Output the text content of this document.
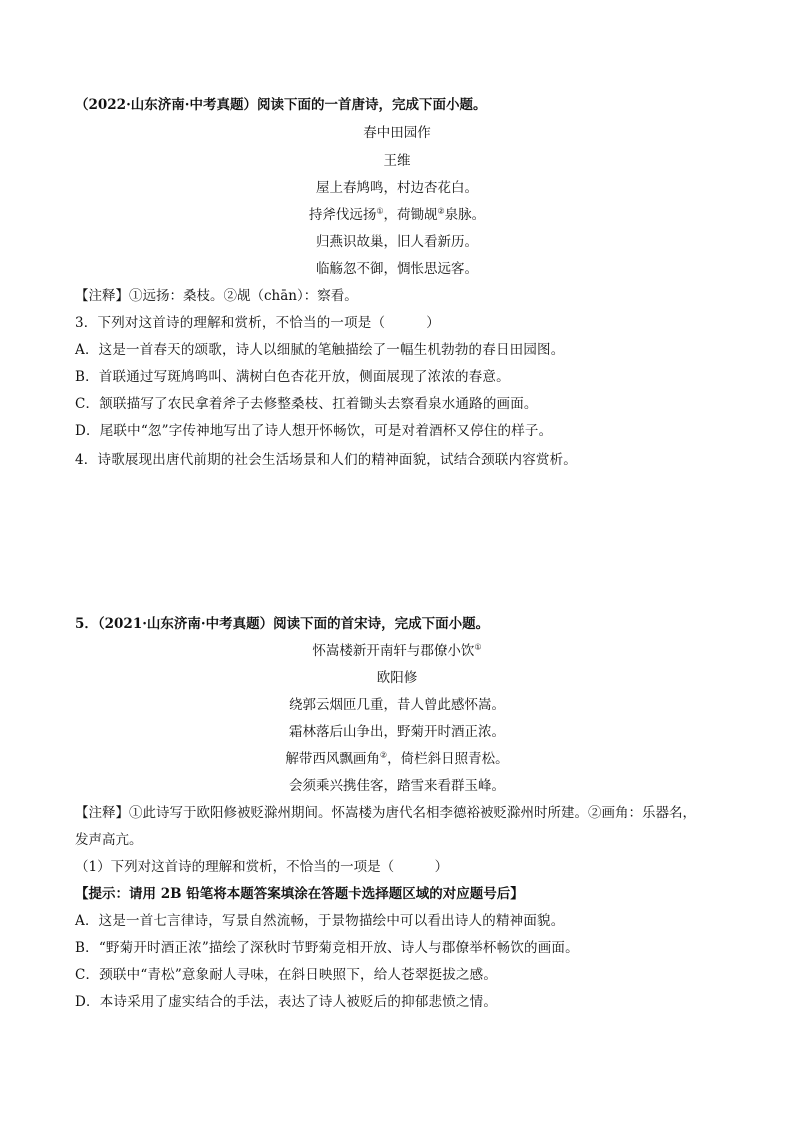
（2022·山东济南·中考真题）阅读下面的一首唐诗，完成下面小题。
春中田园作
王维
屋上春鸠鸣，村边杏花白。
持斧伐远扬①，荷锄觇②泉脉。
归燕识故巢，旧人看新历。
临觞忽不御，惆怅思远客。
【注释】①远扬：桑枝。②觇（chān）：察看。
3．下列对这首诗的理解和赏析，不恰当的一项是（　　　）
A．这是一首春天的颂歌，诗人以细腻的笔触描绘了一幅生机勃勃的春日田园图。
B．首联通过写斑鸠鸣叫、满树白色杏花开放，侧面展现了浓浓的春意。
C．颔联描写了农民拿着斧子去修整桑枝、扛着锄头去察看泉水通路的画面。
D．尾联中“忽”字传神地写出了诗人想开怀畅饮，可是对着酒杯又停住的样子。
4．诗歌展现出唐代前期的社会生活场景和人们的精神面貌，试结合颈联内容赏析。
5．（2021·山东济南·中考真题）阅读下面的首宋诗，完成下面小题。
怀嵩楼新开南轩与郡僚小饮①
欧阳修
绕郭云烟匝几重，昔人曾此感怀嵩。
霜林落后山争出，野菊开时酒正浓。
解带西风飘画角②，倚栏斜日照青松。
会须乘兴携佳客，踏雪来看群玉峰。
【注释】①此诗写于欧阳修被贬滁州期间。怀嵩楼为唐代名相李德裕被贬滁州时所建。②画角：乐器名，
发声高亢。
（1）下列对这首诗的理解和赏析，不恰当的一项是（　　　）
【提示：请用 2B 铅笔将本题答案填涂在答题卡选择题区域的对应题号后】
A．这是一首七言律诗，写景自然流畅，于景物描绘中可以看出诗人的精神面貌。
B．“野菊开时酒正浓”描绘了深秋时节野菊竞相开放、诗人与郡僚举杯畅饮的画面。
C．颈联中“青松”意象耐人寻味，在斜日映照下，给人苍翠挺拔之感。
D．本诗采用了虚实结合的手法，表达了诗人被贬后的抑郁悲愤之情。
